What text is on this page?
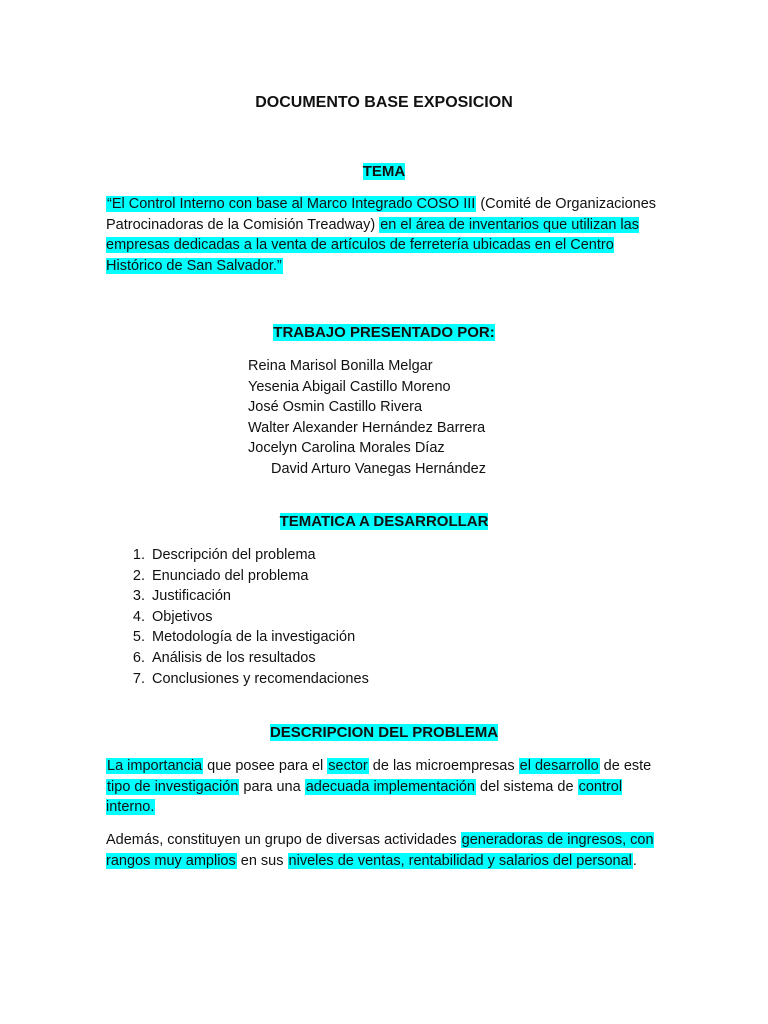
DOCUMENTO BASE EXPOSICION
TEMA

“El Control Interno con base al Marco Integrado COSO III (Comité de Organizaciones Patrocinadoras de la Comisión Treadway) en el área de inventarios que utilizan las empresas dedicadas a la venta de artículos de ferretería ubicadas en el Centro Histórico de San Salvador.”

TRABAJO PRESENTADO POR:
Reina Marisol Bonilla Melgar
Yesenia Abigail Castillo Moreno
José Osmin Castillo Rivera
Walter Alexander Hernández Barrera
Jocelyn Carolina Morales Díaz
David Arturo Vanegas Hernández
TEMATICA A DESARROLLAR
1. Descripción del problema
2. Enunciado del problema
3. Justificación
4. Objetivos
5. Metodología de la investigación
6. Análisis de los resultados
7. Conclusiones y recomendaciones
DESCRIPCION DEL PROBLEMA

La importancia que posee para el sector de las microempresas el desarrollo de este tipo de investigación para una adecuada implementación del sistema de control interno.

Además, constituyen un grupo de diversas actividades generadoras de ingresos, con rangos muy amplios en sus niveles de ventas, rentabilidad y salarios del personal.
